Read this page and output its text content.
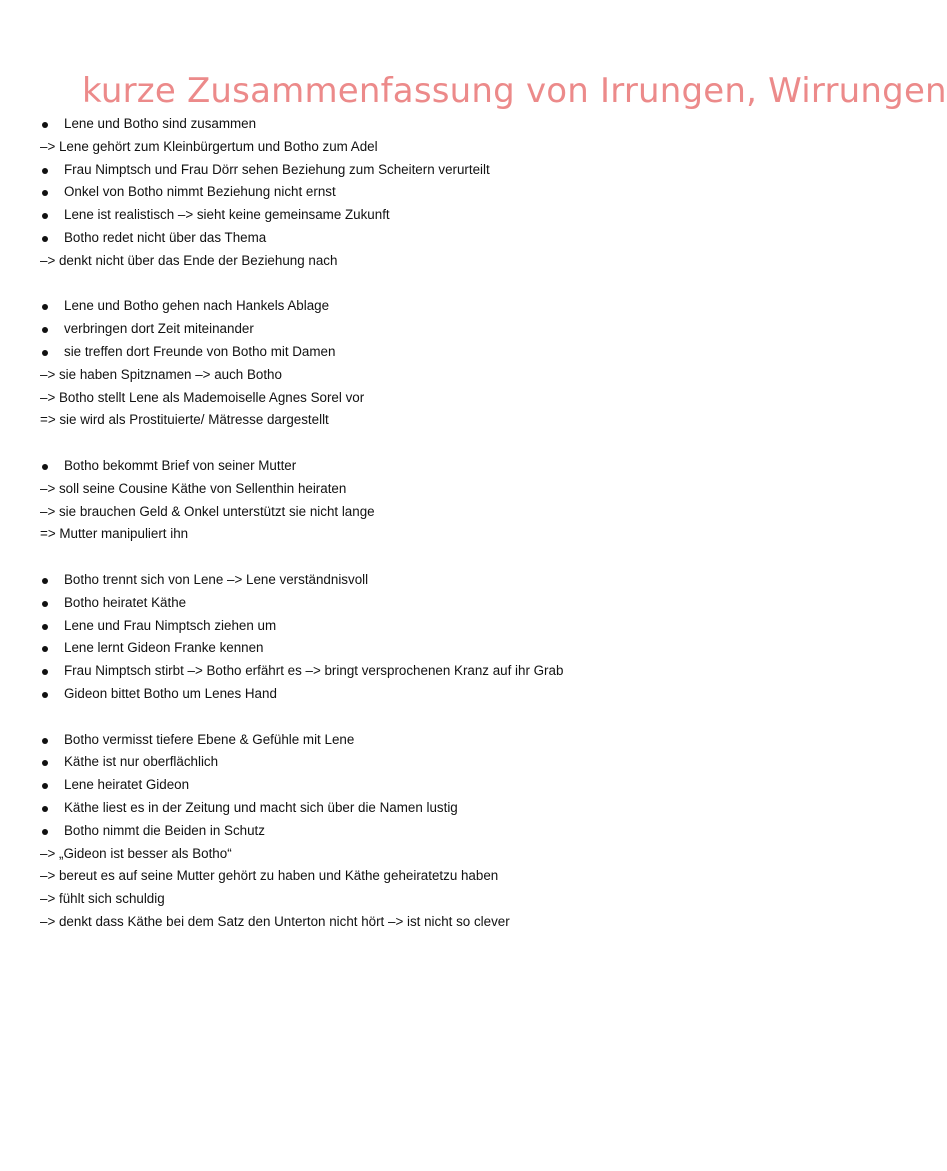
kurze Zusammenfassung von Irrungen, Wirrungen
Lene und Botho sind zusammen
–> Lene gehört zum Kleinbürgertum und Botho zum Adel
Frau Nimptsch und Frau Dörr sehen Beziehung zum Scheitern verurteilt
Onkel von Botho nimmt Beziehung nicht ernst
Lene ist realistisch –> sieht keine gemeinsame Zukunft
Botho redet nicht über das Thema
–> denkt nicht über das Ende der Beziehung nach
Lene und Botho gehen nach Hankels Ablage
verbringen dort Zeit miteinander
sie treffen dort Freunde von Botho mit Damen
–> sie haben Spitznamen –> auch Botho
–> Botho stellt Lene als Mademoiselle Agnes Sorel vor
=> sie wird als Prostituierte/ Mätresse dargestellt
Botho bekommt Brief von seiner Mutter
–> soll seine Cousine Käthe von Sellenthin heiraten
–> sie brauchen Geld & Onkel unterstützt sie nicht lange
=> Mutter manipuliert ihn
Botho trennt sich von Lene –> Lene verständnisvoll
Botho heiratet Käthe
Lene und Frau Nimptsch ziehen um
Lene lernt Gideon Franke kennen
Frau Nimptsch stirbt –> Botho erfährt es –> bringt versprochenen Kranz auf ihr Grab
Gideon bittet Botho um Lenes Hand
Botho vermisst tiefere Ebene & Gefühle mit Lene
Käthe ist nur oberflächlich
Lene heiratet Gideon
Käthe liest es in der Zeitung und macht sich über die Namen lustig
Botho nimmt die Beiden in Schutz
–> „Gideon ist besser als Botho“
–> bereut es auf seine Mutter gehört zu haben und Käthe geheiratetzu haben
–> fühlt sich schuldig
–> denkt dass Käthe bei dem Satz den Unterton nicht hört –> ist nicht so clever
